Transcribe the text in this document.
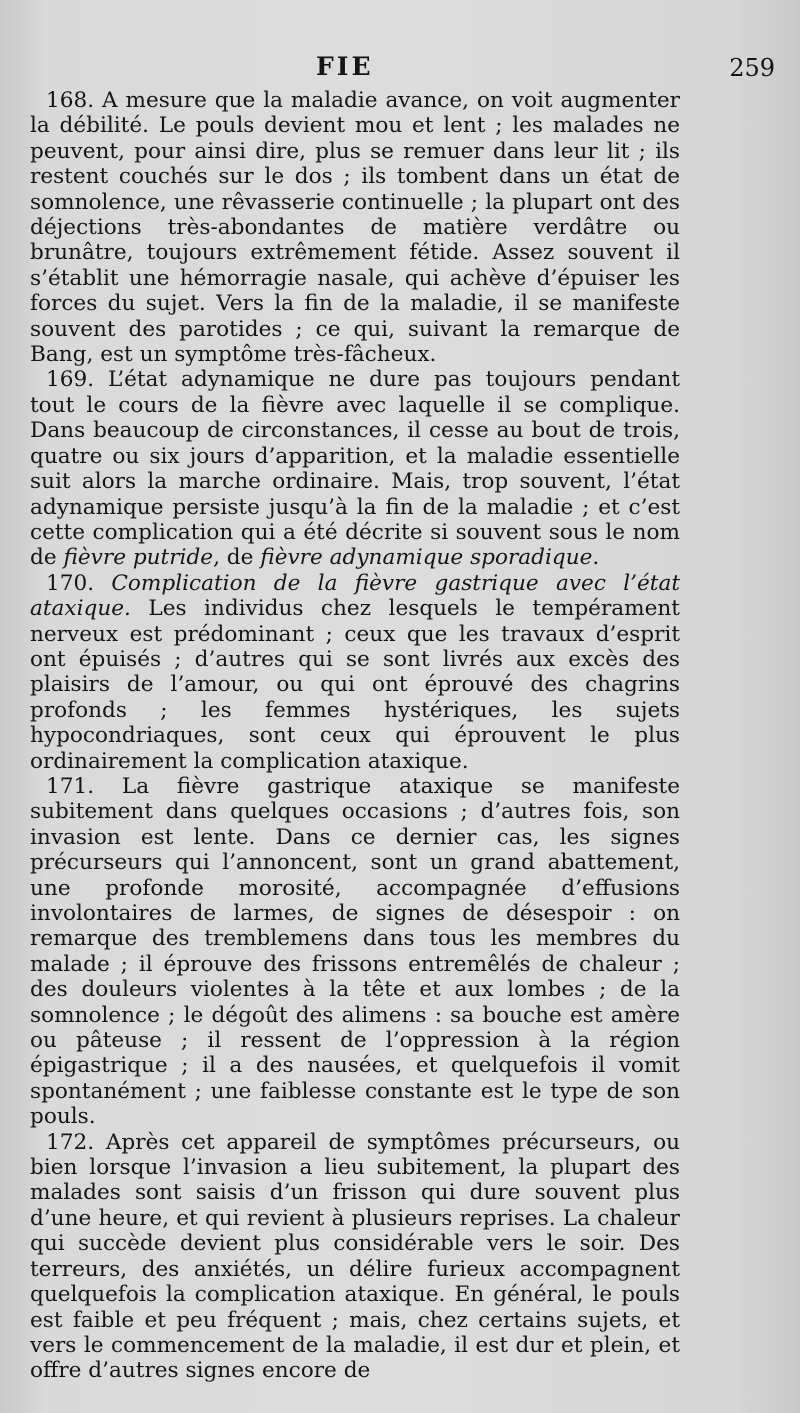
FIE	259

168. A mesure que la maladie avance, on voit augmenter la débilité. Le pouls devient mou et lent ; les malades ne peuvent, pour ainsi dire, plus se remuer dans leur lit ; ils restent couchés sur le dos ; ils tombent dans un état de somnolence, une rêvasserie continuelle ; la plupart ont des déjections très-abondantes de matière verdâtre ou brunâtre, toujours extrêmement fétide. Assez souvent il s’établit une hémorragie nasale, qui achève d’épuiser les forces du sujet. Vers la fin de la maladie, il se manifeste souvent des parotides ; ce qui, suivant la remarque de Bang, est un symptôme très-fâcheux.

169. L’état adynamique ne dure pas toujours pendant tout le cours de la fièvre avec laquelle il se complique. Dans beaucoup de circonstances, il cesse au bout de trois, quatre ou six jours d’apparition, et la maladie essentielle suit alors la marche ordinaire. Mais, trop souvent, l’état adynamique persiste jusqu’à la fin de la maladie ; et c’est cette complication qui a été décrite si souvent sous le nom de fièvre putride, de fièvre adynamique sporadique.

170. Complication de la fièvre gastrique avec l’état ataxique. Les individus chez lesquels le tempérament nerveux est prédominant ; ceux que les travaux d’esprit ont épuisés ; d’autres qui se sont livrés aux excès des plaisirs de l’amour, ou qui ont éprouvé des chagrins profonds ; les femmes hystériques, les sujets hypocondriaques, sont ceux qui éprouvent le plus ordinairement la complication ataxique.

171. La fièvre gastrique ataxique se manifeste subitement dans quelques occasions ; d’autres fois, son invasion est lente. Dans ce dernier cas, les signes précurseurs qui l’annoncent, sont un grand abattement, une profonde morosité, accompagnée d’effusions involontaires de larmes, de signes de désespoir : on remarque des tremblemens dans tous les membres du malade ; il éprouve des frissons entremêlés de chaleur ; des douleurs violentes à la tête et aux lombes ; de la somnolence ; le dégoût des alimens : sa bouche est amère ou pâteuse ; il ressent de l’oppression à la région épigastrique ; il a des nausées, et quelquefois il vomit spontanément ; une faiblesse constante est le type de son pouls.

172. Après cet appareil de symptômes précurseurs, ou bien lorsque l’invasion a lieu subitement, la plupart des malades sont saisis d’un frisson qui dure souvent plus d’une heure, et qui revient à plusieurs reprises. La chaleur qui succède devient plus considérable vers le soir. Des terreurs, des anxiétés, un délire furieux accompagnent quelquefois la complication ataxique. En général, le pouls est faible et peu fréquent ; mais, chez certains sujets, et vers le commencement de la maladie, il est dur et plein, et offre d’autres signes encore de
